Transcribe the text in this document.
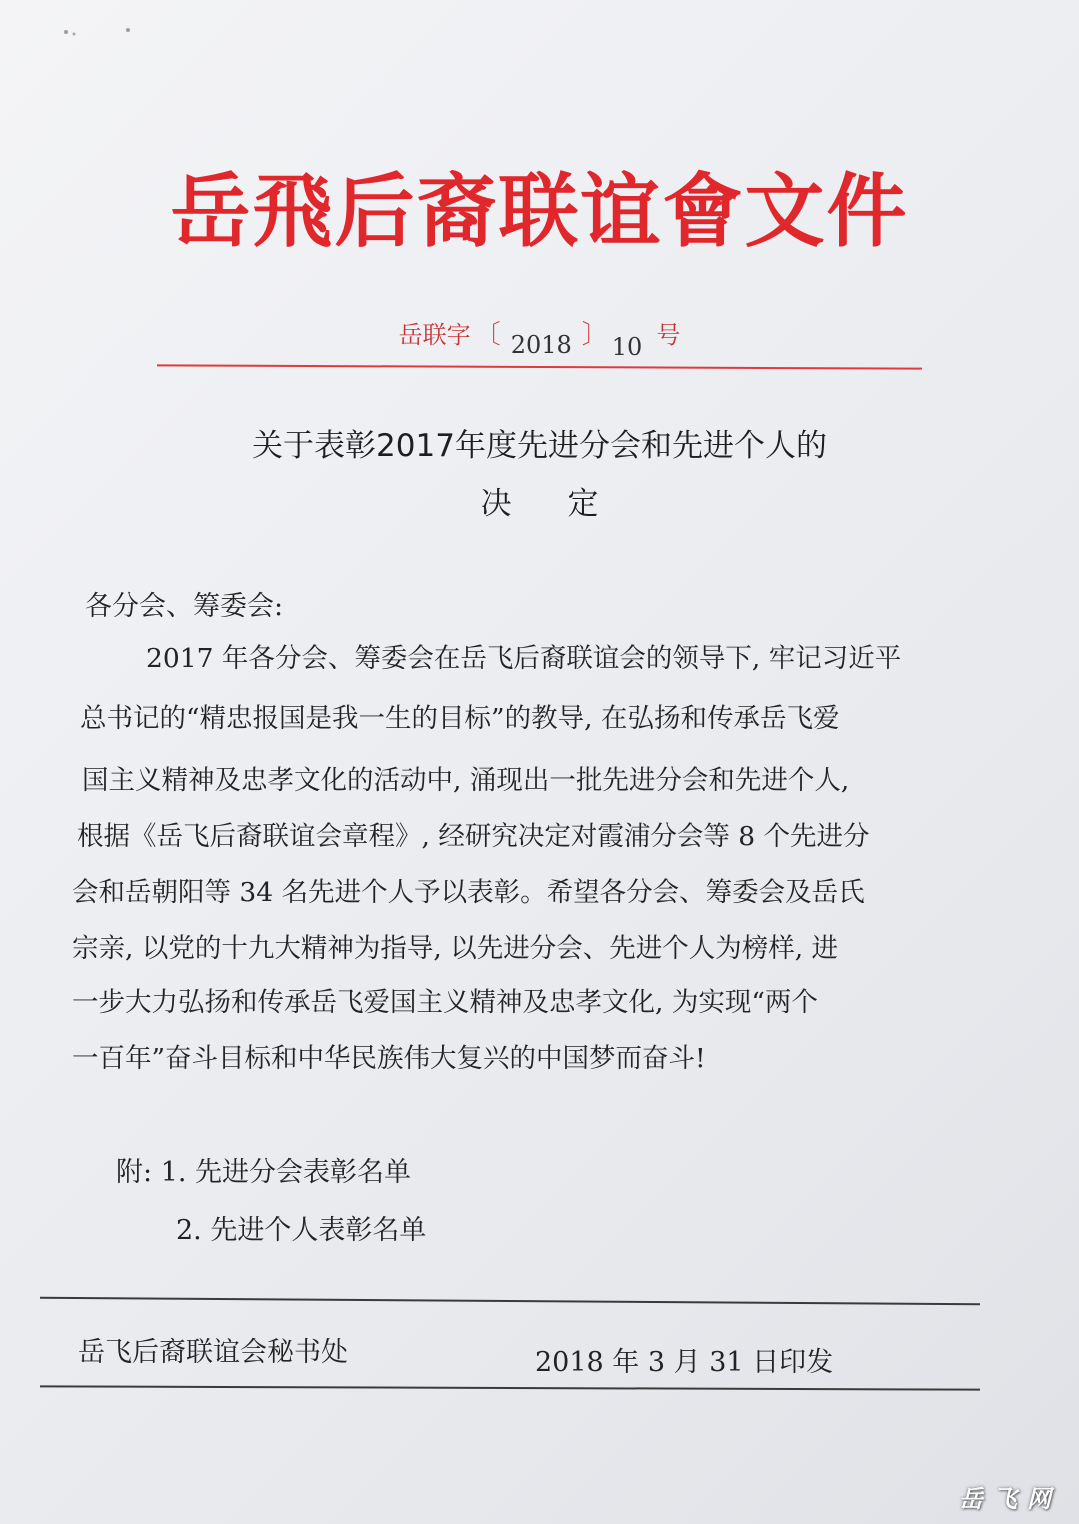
岳飛后裔联谊會文件
岳联字 〔 2018 〕 10 号
关于表彰2017年度先进分会和先进个人的
决定
各分会、筹委会:
2017 年各分会、筹委会在岳飞后裔联谊会的领导下, 牢记习近平
总书记的“精忠报国是我一生的目标”的教导, 在弘扬和传承岳飞爱
国主义精神及忠孝文化的活动中, 涌现出一批先进分会和先进个人,
根据《岳飞后裔联谊会章程》, 经研究决定对霞浦分会等 8 个先进分
会和岳朝阳等 34 名先进个人予以表彰。希望各分会、筹委会及岳氏
宗亲, 以党的十九大精神为指导, 以先进分会、先进个人为榜样, 进
一步大力弘扬和传承岳飞爱国主义精神及忠孝文化, 为实现“两个
一百年”奋斗目标和中华民族伟大复兴的中国梦而奋斗!
附: 1. 先进分会表彰名单
2. 先进个人表彰名单
岳飞后裔联谊会秘书处	2018 年 3 月 31 日印发
岳飞网
